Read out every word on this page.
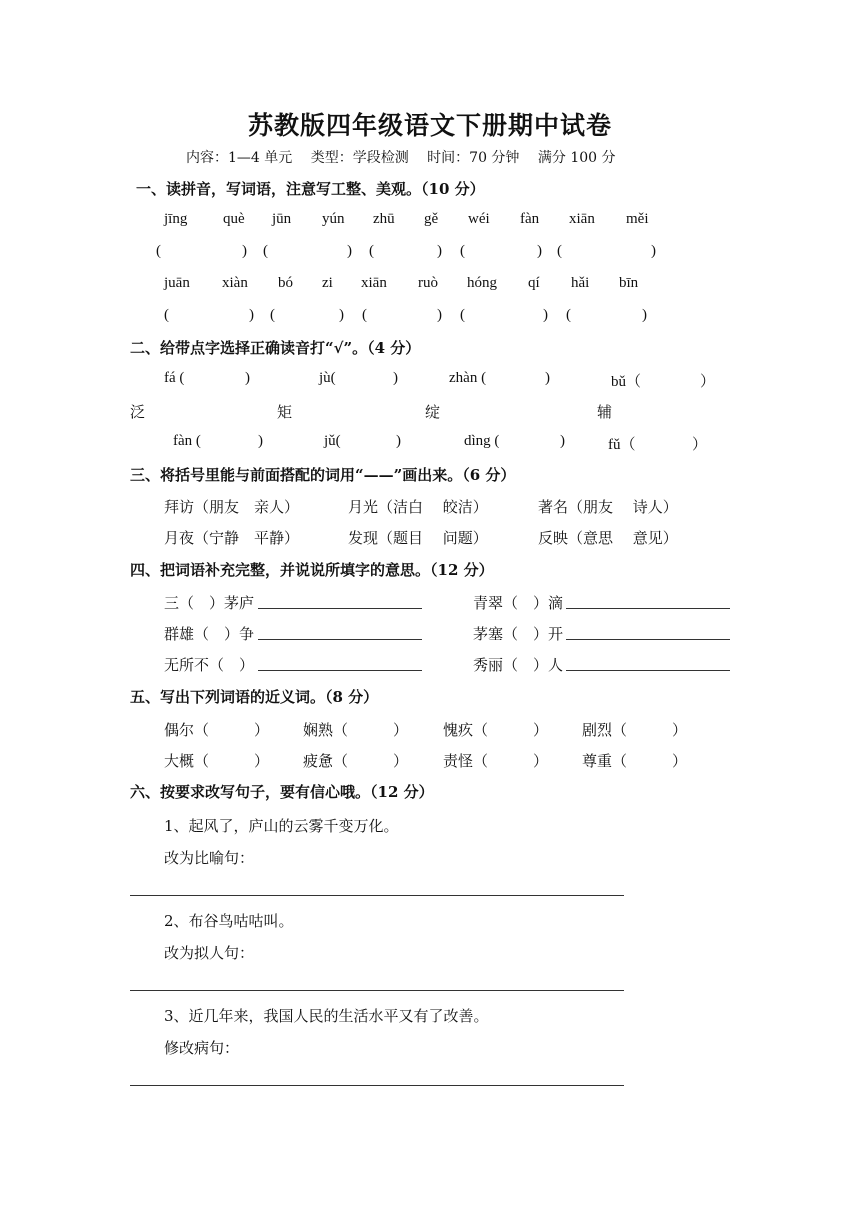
苏教版四年级语文下册期中试卷
内容：1—4 单元 类型：学段检测 时间：70 分钟 满分 100 分
一、读拼音，写词语，注意写工整、美观。（10 分）
jīng què jūn yún zhū gě wéi fàn xiān měi
(	) (	) (	) (	) (	)
juān xiàn bó zi xiān ruò hóng qí hǎi bīn
(	) (	) (	) (	) (	)
二、给带点字选择正确读音打“√”。（4 分）
fá (	)	jù(	)	zhàn (	)	bǔ（	）
泛	矩	绽	辅
fàn (	)	jǔ(	)	dìng (	)	fǔ（	）
三、将括号里能与前面搭配的词用“——”画出来。（6 分）
拜访（朋友　亲人）	月光（洁白　 皎洁）	著名（朋友　 诗人）
月夜（宁静　平静）	发现（题目　 问题）	反映（意思　 意见）
四、把词语补充完整，并说说所填字的意思。（12 分）
三（　）茅庐	青翠（　）滴
群雄（　）争	茅塞（　）开
无所不（　）	秀丽（　）人
五、写出下列词语的近义词。（8 分）
偶尔（　　　） 娴熟（　　　） 愧疚（　　　） 剧烈（　　　）
大概（　　　） 疲惫（　　　） 责怪（　　　） 尊重（　　　）
六、按要求改写句子，要有信心哦。（12 分）
1、起风了，庐山的云雾千变万化。
改为比喻句：
2、布谷鸟咕咕叫。
改为拟人句：
3、近几年来，我国人民的生活水平又有了改善。
修改病句：
